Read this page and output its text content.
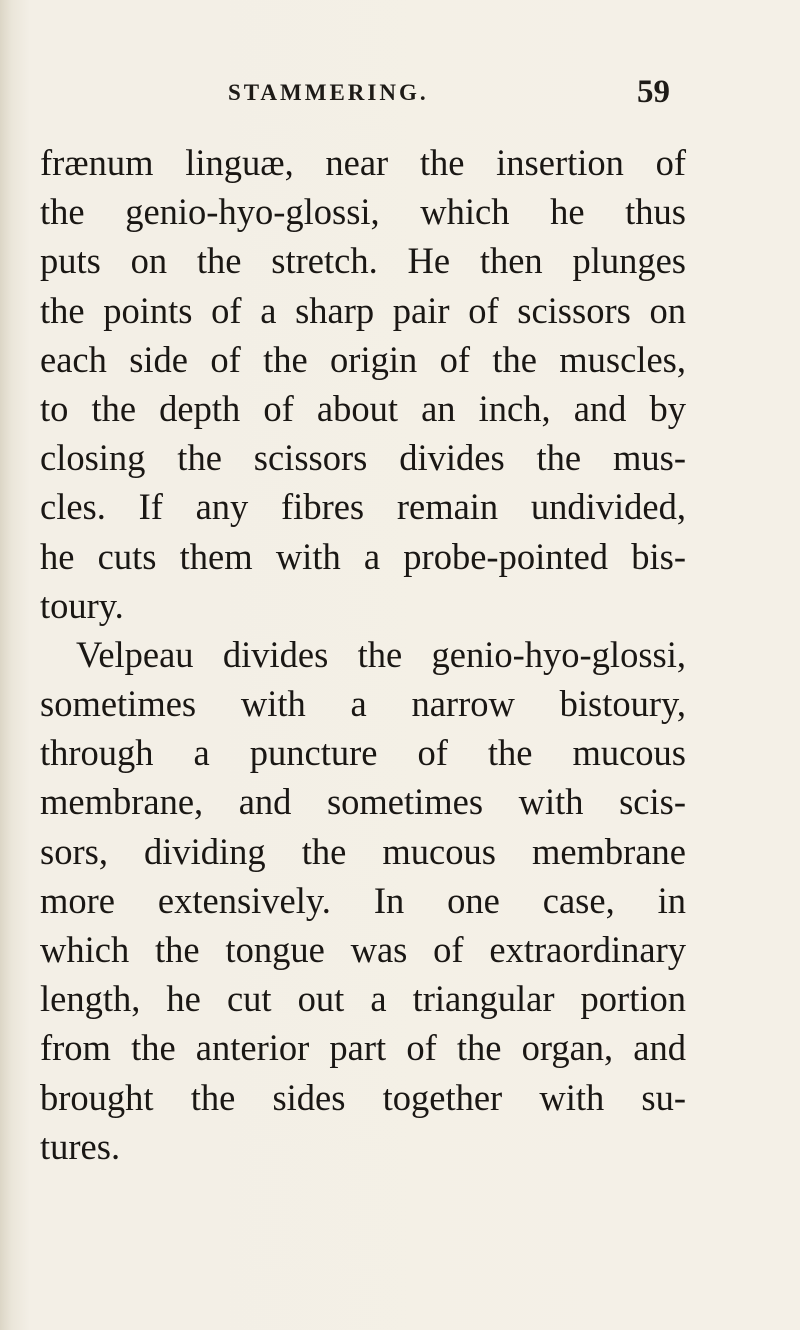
STAMMERING.	59
frænum linguæ, near the insertion of
the genio-hyo-glossi, which he thus
puts on the stretch. He then plunges
the points of a sharp pair of scissors on
each side of the origin of the muscles,
to the depth of about an inch, and by
closing the scissors divides the mus-
cles. If any fibres remain undivided,
he cuts them with a probe-pointed bis-
toury.
Velpeau divides the genio-hyo-glossi,
sometimes with a narrow bistoury,
through a puncture of the mucous
membrane, and sometimes with scis-
sors, dividing the mucous membrane
more extensively. In one case, in
which the tongue was of extraordinary
length, he cut out a triangular portion
from the anterior part of the organ, and
brought the sides together with su-
tures.
